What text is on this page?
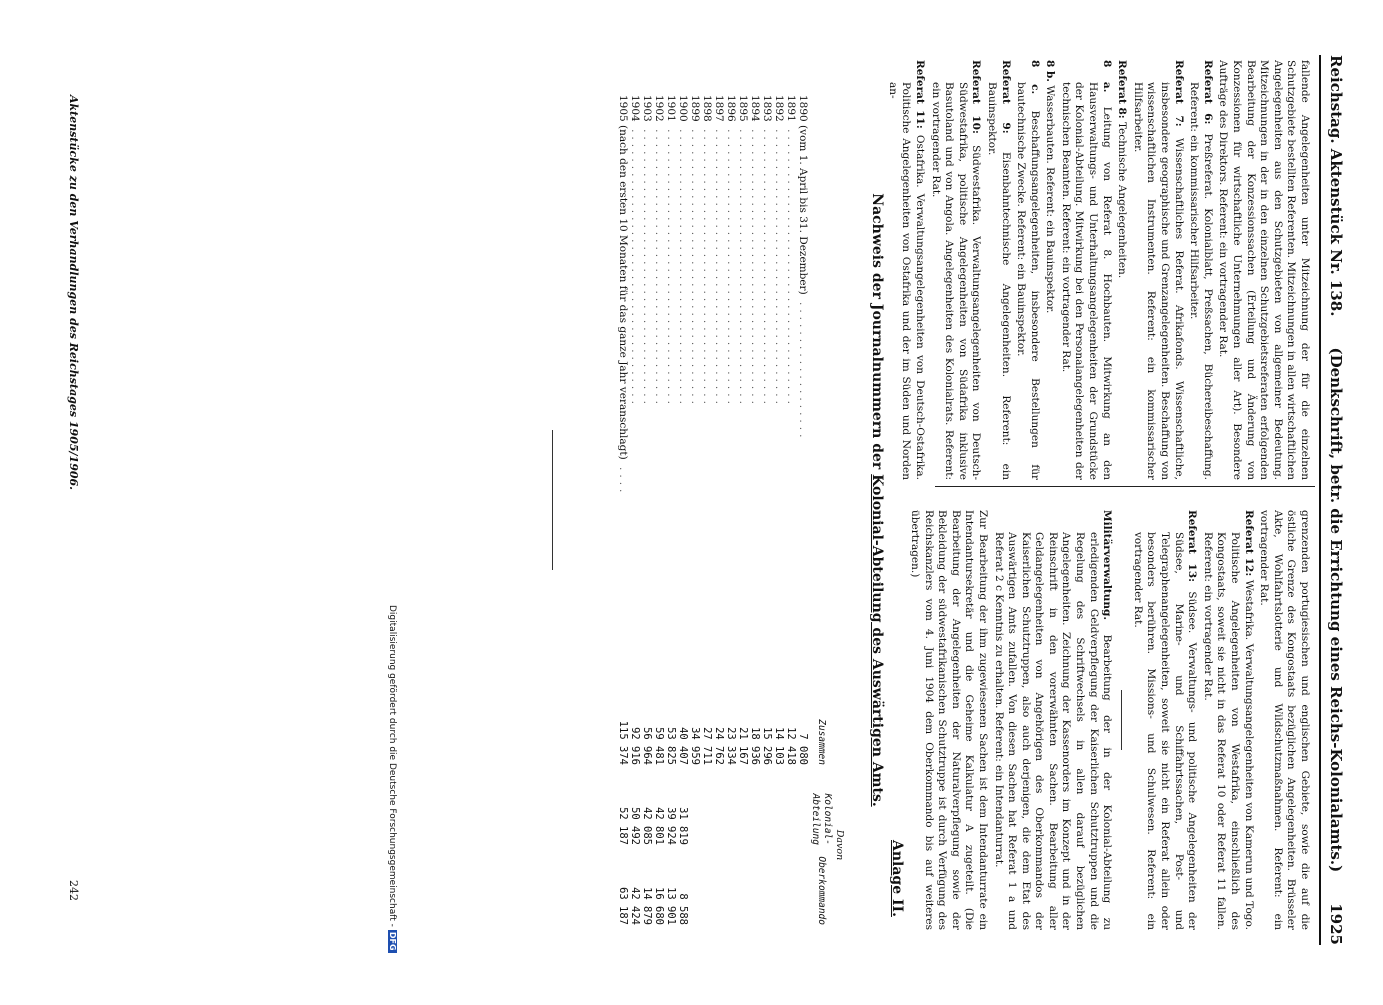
Reichstag. Aktenstück Nr. 138.
(Denkschrift, betr. die Errichtung eines Reichs-Kolonialamts.)
1925

fallende Angelegenheiten unter Mitzeichnung der für die einzelnen Schutzgebiete bestellten Referenten. Mitzeichnungen in allen wirtschaftlichen Angelegenheiten aus den Schutzgebieten von allgemeiner Bedeutung. Mitzeichnungen in der in den einzelnen Schutzgebietsreferaten erfolgenden Bearbeitung der Konzessionssachen (Erteilung und Änderung von Konzessionen für wirtschaftliche Unternehmungen aller Art). Besondere Aufträge des Direktors. Referent: ein vortragender Rat.

Referat 6: Preßreferat. Kolonialblatt, Preßsachen, Büchereibeschaffung. Referent: ein kommissarischer Hilfsarbeiter.

Referat 7: Wissenschaftliches Referat. Afrikafonds. Wissenschaftliche, insbesondere geographische und Grenzangelegenheiten. Beschaffung von wissenschaftlichen Instrumenten. Referent: ein kommissarischer Hilfsarbeiter.

Referat 8: Technische Angelegenheiten.

8 a. Leitung von Referat 8. Hochbauten. Mitwirkung an den Hausverwaltungs- und Unterhaltungsangelegenheiten der Grundstücke der Kolonial-Abteilung. Mitwirkung bei den Personalangelegenheiten der technischen Beamten. Referent: ein vortragender Rat.

8 b. Wasserbauten. Referent: ein Bauinspektor.

8 c. Beschaffungsangelegenheiten, insbesondere Bestellungen für bautechnische Zwecke. Referent: ein Bauinspektor.

Referat 9: Eisenbahntechnische Angelegenheiten. Referent: ein Bauinspektor.

Referat 10: Südwestafrika. Verwaltungsangelegenheiten von Deutsch-Südwestafrika, politische Angelegenheiten von Südafrika inklusive Basutoland und von Angola. Angelegenheiten des Kolonialrats. Referent: ein vortragender Rat.

Referat 11: Ostafrika. Verwaltungsangelegenheiten von Deutsch-Ostafrika. Politische Angelegenheiten von Ostafrika und der im Süden und Norden an-

grenzenden portugiesischen und englischen Gebiete, sowie die auf die östliche Grenze des Kongostaats bezüglichen Angelegenheiten. Brüsseler Akte, Wohlfahrtslotterie und Wildschutzmaßnahmen. Referent: ein vortragender Rat.

Referat 12: Westafrika. Verwaltungsangelegenheiten von Kamerun und Togo. Politische Angelegenheiten von Westafrika, einschließlich des Kongostaats, soweit sie nicht in das Referat 10 oder Referat 11 fallen. Referent: ein vortragender Rat.

Referat 13: Südsee. Verwaltungs- und politische Angelegenheiten der Südsee, Marine- und Schiffahrtssachen, Post- und Telegraphenangelegenheiten, soweit sie nicht ein Referat allein oder besonders berühren. Missions- und Schulwesen. Referent: ein vortragender Rat.

Militärverwaltung. Bearbeitung der in der Kolonial-Abteilung zu erledigenden Geldverpflegung der Kaiserlichen Schutztruppen und die Regelung des Schriftwechsels in allen darauf bezüglichen Angelegenheiten. Zeichnung der Kassenorders im Konzept und in der Reinschrift in den vorerwähnten Sachen. Bearbeitung aller Geldangelegenheiten von Angehörigen des Oberkommandos der Kaiserlichen Schutztruppen, also auch derjenigen, die dem Etat des Auswärtigen Amts zufallen. Von diesen Sachen hat Referat 1 a und Referat 2 c Kenntnis zu erhalten. Referent: ein Intendanturrat.

Zur Bearbeitung der ihm zugewiesenen Sachen ist dem Intendanturrate ein Intendantursekretär und die Geheime Kalkulatur A zugeteilt. (Die Bearbeitung der Angelegenheiten der Naturalverpflegung sowie der Bekleidung der südwestafrikanischen Schutztruppe ist durch Verfügung des Reichskanzlers vom 4. Juni 1904 dem Oberkommando bis auf weiteres übertragen.)

Anlage II.
Nachweis der Journalnummern der Kolonial-Abteilung des Auswärtigen Amts.
		Davon	
	Zusammen	Kolonial-Abteilung	Oberkommando
1890 (vom 1. April bis 31. Dezember) ...................	7 080		
1891 ......................................	12 418		
1892 ......................................	14 103		
1893 ......................................	15 296		
1894 ......................................	18 936		
1895 ......................................	21 167		
1896 ......................................	23 334		
1897 ......................................	24 762		
1898 ......................................	27 711		
1899 ......................................	34 959		
1900 ......................................	40 407	31 819	8 588
1901 ......................................	53 825	39 924	13 901
1902 ......................................	59 481	42 801	16 680
1903 ......................................	56 964	42 085	14 879
1904 ......................................	92 916	50 492	42 424
1905 (nach den ersten 10 Monaten für das ganze Jahr veranschlagt) ....	115 374	52 187	63 187
Aktenstücke zu den Verhandlungen des Reichstages 1905/1906.
242	Digitalisierung gefördert durch die Deutsche Forschungsgemeinschaft -DFG
